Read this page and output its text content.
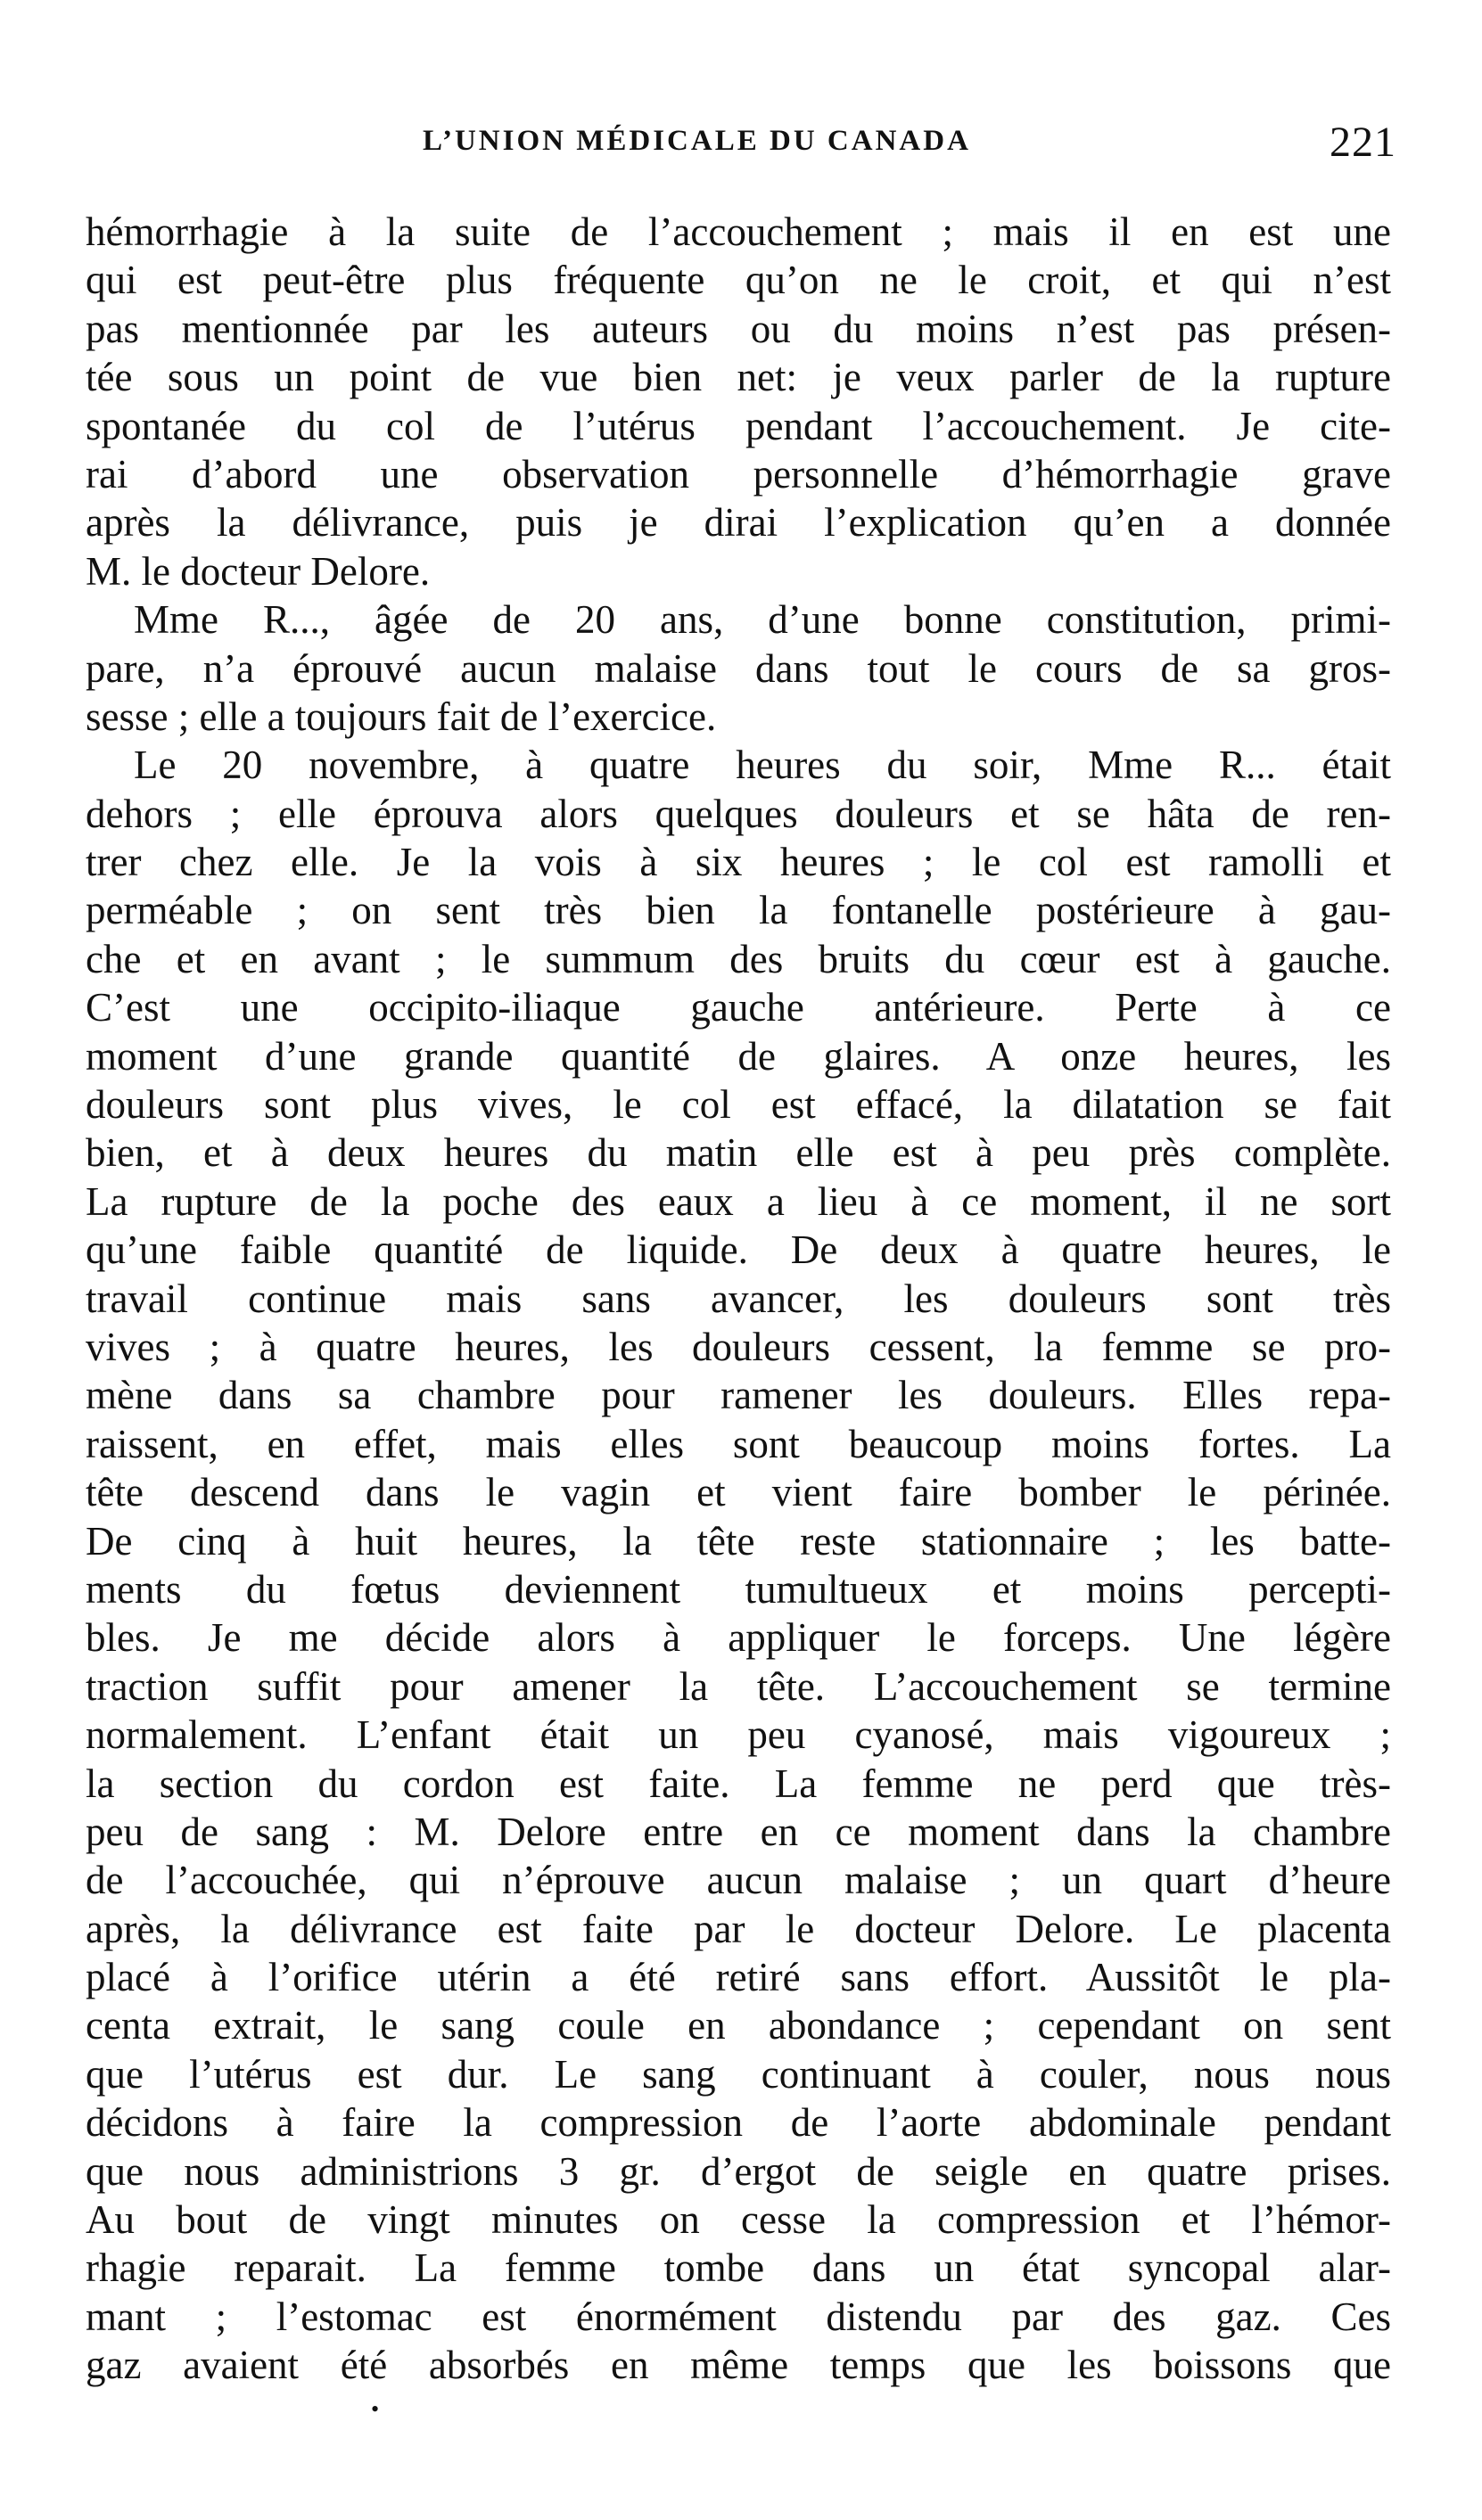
L’UNION MÉDICALE DU CANADA	221
hémorrhagie à la suite de l’accouchement ; mais il en est une
qui est peut-être plus fréquente qu’on ne le croit, et qui n’est
pas mentionnée par les auteurs ou du moins n’est pas présen-
tée sous un point de vue bien net: je veux parler de la rupture
spontanée du col de l’utérus pendant l’accouchement. Je cite-
rai d’abord une observation personnelle d’hémorrhagie grave
après la délivrance, puis je dirai l’explication qu’en a donnée
M. le docteur Delore.
Mme R..., âgée de 20 ans, d’une bonne constitution, primi-
pare, n’a éprouvé aucun malaise dans tout le cours de sa gros-
sesse ; elle a toujours fait de l’exercice.
Le 20 novembre, à quatre heures du soir, Mme R... était
dehors ; elle éprouva alors quelques douleurs et se hâta de ren-
trer chez elle. Je la vois à six heures ; le col est ramolli et
perméable ; on sent très bien la fontanelle postérieure à gau-
che et en avant ; le summum des bruits du cœur est à gauche.
C’est une occipito-iliaque gauche antérieure. Perte à ce
moment d’une grande quantité de glaires. A onze heures, les
douleurs sont plus vives, le col est effacé, la dilatation se fait
bien, et à deux heures du matin elle est à peu près complète.
La rupture de la poche des eaux a lieu à ce moment, il ne sort
qu’une faible quantité de liquide. De deux à quatre heures, le
travail continue mais sans avancer, les douleurs sont très
vives ; à quatre heures, les douleurs cessent, la femme se pro-
mène dans sa chambre pour ramener les douleurs. Elles repa-
raissent, en effet, mais elles sont beaucoup moins fortes. La
tête descend dans le vagin et vient faire bomber le périnée.
De cinq à huit heures, la tête reste stationnaire ; les batte-
ments du fœtus deviennent tumultueux et moins percepti-
bles. Je me décide alors à appliquer le forceps. Une légère
traction suffit pour amener la tête. L’accouchement se termine
normalement. L’enfant était un peu cyanosé, mais vigoureux ;
la section du cordon est faite. La femme ne perd que très-
peu de sang : M. Delore entre en ce moment dans la chambre
de l’accouchée, qui n’éprouve aucun malaise ; un quart d’heure
après, la délivrance est faite par le docteur Delore. Le placenta
placé à l’orifice utérin a été retiré sans effort. Aussitôt le pla-
centa extrait, le sang coule en abondance ; cependant on sent
que l’utérus est dur. Le sang continuant à couler, nous nous
décidons à faire la compression de l’aorte abdominale pendant
que nous administrions 3 gr. d’ergot de seigle en quatre prises.
Au bout de vingt minutes on cesse la compression et l’hémor-
rhagie reparait. La femme tombe dans un état syncopal alar-
mant ; l’estomac est énormément distendu par des gaz. Ces
gaz avaient été absorbés en même temps que les boissons que
•
